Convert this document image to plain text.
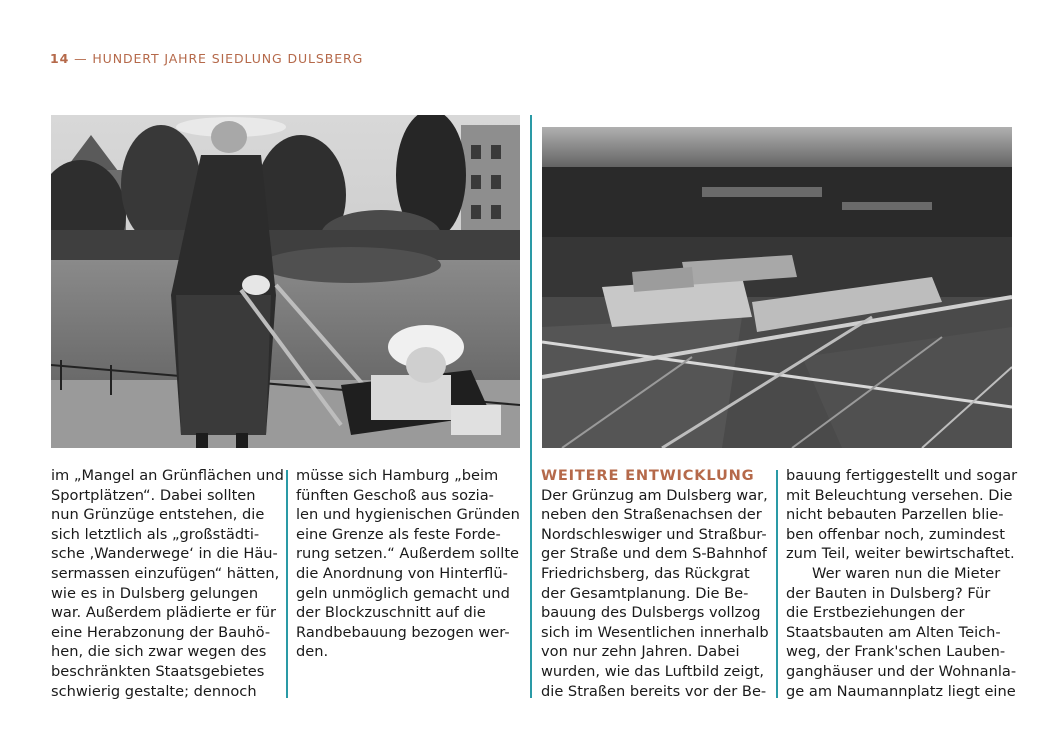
14 — HUNDERT JAHRE SIEDLUNG DULSBERG
im „Mangel an Grünflächen und
Sportplätzen“. Dabei sollten
nun Grünzüge entstehen, die
sich letztlich als „großstädti-
sche ‚Wanderwege‘ in die Häu-
sermassen einzufügen“ hätten,
wie es in Dulsberg gelungen
war. Außerdem plädierte er für
eine Herabzonung der Bauhö-
hen, die sich zwar wegen des
beschränkten Staatsgebietes
schwierig gestalte; dennoch
müsse sich Hamburg „beim
fünften Geschoß aus sozia-
len und hygienischen Gründen
eine Grenze als feste Forde-
rung setzen.“ Außerdem sollte
die Anordnung von Hinterflü-
geln unmöglich gemacht und
der Blockzuschnitt auf die
Randbebauung bezogen wer-
den.
WEITERE ENTWICKLUNG
Der Grünzug am Dulsberg war,
neben den Straßenachsen der
Nordschleswiger und Straßbur-
ger Straße und dem S-Bahnhof
Friedrichsberg, das Rückgrat
der Gesamtplanung. Die Be-
bauung des Dulsbergs vollzog
sich im Wesentlichen innerhalb
von nur zehn Jahren. Dabei
wurden, wie das Luftbild zeigt,
die Straßen bereits vor der Be-
bauung fertiggestellt und sogar
mit Beleuchtung versehen. Die
nicht bebauten Parzellen blie-
ben offenbar noch, zumindest
zum Teil, weiter bewirtschaftet.
Wer waren nun die Mieter
der Bauten in Dulsberg? Für
die Erstbeziehungen der
Staatsbauten am Alten Teich-
weg, der Frank'schen Lauben-
ganghäuser und der Wohnanla-
ge am Naumannplatz liegt eine
